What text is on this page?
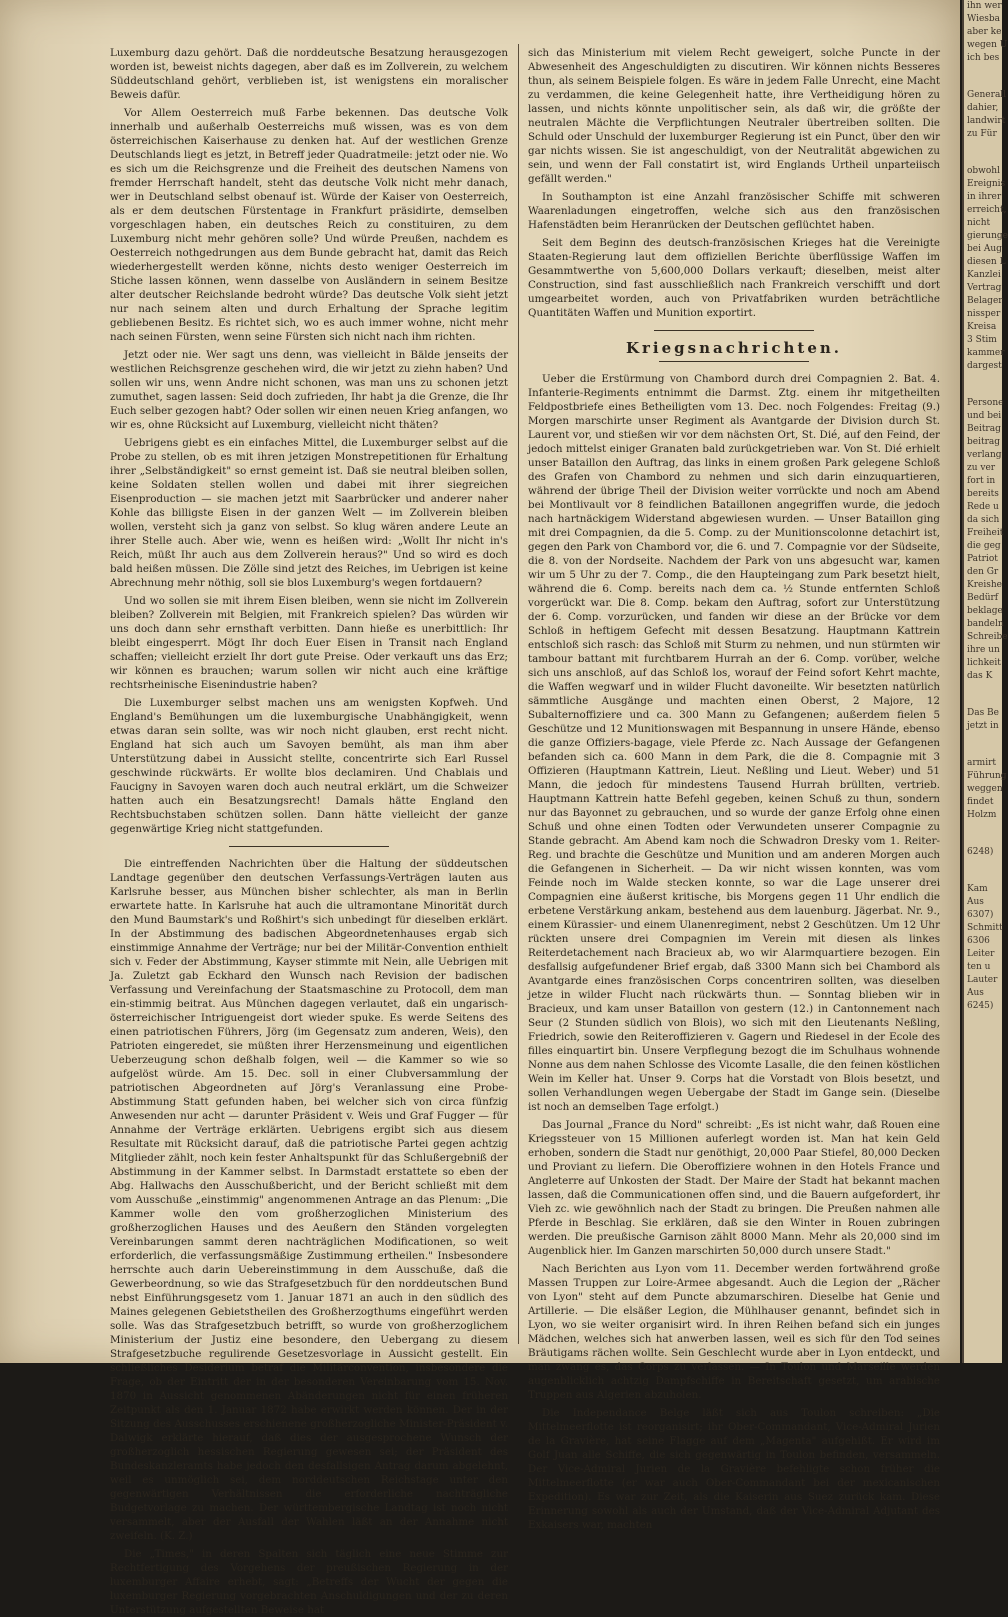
Luxemburg dazu gehört. Daß die norddeutsche Besatzung herausgezogen worden ist, beweist nichts dagegen, aber daß es im Zollverein, zu welchem Süddeutschland gehört, verblieben ist, ist wenigstens ein moralischer Beweis dafür.

Vor Allem Oesterreich muß Farbe bekennen. Das deutsche Volk innerhalb und außerhalb Oesterreichs muß wissen, was es von dem österreichischen Kaiserhause zu denken hat. Auf der westlichen Grenze Deutschlands liegt es jetzt, in Betreff jeder Quadratmeile: jetzt oder nie. Wo es sich um die Reichsgrenze und die Freiheit des deutschen Namens von fremder Herrschaft handelt, steht das deutsche Volk nicht mehr danach, wer in Deutschland selbst obenauf ist. Würde der Kaiser von Oesterreich, als er dem deutschen Fürstentage in Frankfurt präsidirte, demselben vorgeschlagen haben, ein deutsches Reich zu constituiren, zu dem Luxemburg nicht mehr gehören solle? Und würde Preußen, nachdem es Oesterreich nothgedrungen aus dem Bunde gebracht hat, damit das Reich wiederhergestellt werden könne, nichts desto weniger Oesterreich im Stiche lassen können, wenn dasselbe von Ausländern in seinem Besitze alter deutscher Reichslande bedroht würde? Das deutsche Volk sieht jetzt nur nach seinem alten und durch Erhaltung der Sprache legitim gebliebenen Besitz. Es richtet sich, wo es auch immer wohne, nicht mehr nach seinen Fürsten, wenn seine Fürsten sich nicht nach ihm richten.

Jetzt oder nie. Wer sagt uns denn, was vielleicht in Bälde jenseits der westlichen Reichsgrenze geschehen wird, die wir jetzt zu ziehn haben? Und sollen wir uns, wenn Andre nicht schonen, was man uns zu schonen jetzt zumuthet, sagen lassen: Seid doch zufrieden, Ihr habt ja die Grenze, die Ihr Euch selber gezogen habt? Oder sollen wir einen neuen Krieg anfangen, wo wir es, ohne Rücksicht auf Luxemburg, vielleicht nicht thäten?

Uebrigens giebt es ein einfaches Mittel, die Luxemburger selbst auf die Probe zu stellen, ob es mit ihren jetzigen Monstrepetitionen für Erhaltung ihrer „Selbständigkeit" so ernst gemeint ist. Daß sie neutral bleiben sollen, keine Soldaten stellen wollen und dabei mit ihrer siegreichen Eisenproduction — sie machen jetzt mit Saarbrücker und anderer naher Kohle das billigste Eisen in der ganzen Welt — im Zollverein bleiben wollen, versteht sich ja ganz von selbst. So klug wären andere Leute an ihrer Stelle auch. Aber wie, wenn es heißen wird: „Wollt Ihr nicht in's Reich, müßt Ihr auch aus dem Zollverein heraus?" Und so wird es doch bald heißen müssen. Die Zölle sind jetzt des Reiches, im Uebrigen ist keine Abrechnung mehr nöthig, soll sie blos Luxemburg's wegen fortdauern?

Und wo sollen sie mit ihrem Eisen bleiben, wenn sie nicht im Zollverein bleiben? Zollverein mit Belgien, mit Frankreich spielen? Das würden wir uns doch dann sehr ernsthaft verbitten. Dann hieße es unerbittlich: Ihr bleibt eingesperrt. Mögt Ihr doch Euer Eisen in Transit nach England schaffen; vielleicht erzielt Ihr dort gute Preise. Oder verkauft uns das Erz; wir können es brauchen; warum sollen wir nicht auch eine kräftige rechtsrheinische Eisenindustrie haben?

Die Luxemburger selbst machen uns am wenigsten Kopfweh. Und England's Bemühungen um die luxemburgische Unabhängigkeit, wenn etwas daran sein sollte, was wir noch nicht glauben, erst recht nicht. England hat sich auch um Savoyen bemüht, als man ihm aber Unterstützung dabei in Aussicht stellte, concentrirte sich Earl Russel geschwinde rückwärts. Er wollte blos declamiren. Und Chablais und Faucigny in Savoyen waren doch auch neutral erklärt, um die Schweizer hatten auch ein Besatzungsrecht! Damals hätte England den Rechtsbuchstaben schützen sollen. Dann hätte vielleicht der ganze gegenwärtige Krieg nicht stattgefunden.

Die eintreffenden Nachrichten über die Haltung der süddeutschen Landtage gegenüber den deutschen Verfassungs-Verträgen lauten aus Karlsruhe besser, aus München bisher schlechter, als man in Berlin erwartete hatte. In Karlsruhe hat auch die ultramontane Minorität durch den Mund Baumstark's und Roßhirt's sich unbedingt für dieselben erklärt. In der Abstimmung des badischen Abgeordnetenhauses ergab sich einstimmige Annahme der Verträge; nur bei der Militär-Convention enthielt sich v. Feder der Abstimmung, Kayser stimmte mit Nein, alle Uebrigen mit Ja. Zuletzt gab Eckhard den Wunsch nach Revision der badischen Verfassung und Vereinfachung der Staatsmaschine zu Protocoll, dem man ein-stimmig beitrat. Aus München dagegen verlautet, daß ein ungarisch-österreichischer Intriguengeist dort wieder spuke. Es werde Seitens des einen patriotischen Führers, Jörg (im Gegensatz zum anderen, Weis), den Patrioten eingeredet, sie müßten ihrer Herzensmeinung und eigentlichen Ueberzeugung schon deßhalb folgen, weil — die Kammer so wie so aufgelöst würde. Am 15. Dec. soll in einer Clubversammlung der patriotischen Abgeordneten auf Jörg's Veranlassung eine Probe-Abstimmung Statt gefunden haben, bei welcher sich von circa fünfzig Anwesenden nur acht — darunter Präsident v. Weis und Graf Fugger — für Annahme der Verträge erklärten. Uebrigens ergibt sich aus diesem Resultate mit Rücksicht darauf, daß die patriotische Partei gegen achtzig Mitglieder zählt, noch kein fester Anhaltspunkt für das Schlußergebniß der Abstimmung in der Kammer selbst. In Darmstadt erstattete so eben der Abg. Hallwachs den Ausschußbericht, und der Bericht schließt mit dem vom Ausschuße „einstimmig" angenommenen Antrage an das Plenum: „Die Kammer wolle den vom großherzoglichen Ministerium des großherzoglichen Hauses und des Aeußern den Ständen vorgelegten Vereinbarungen sammt deren nachträglichen Modificationen, so weit erforderlich, die verfassungsmäßige Zustimmung ertheilen." Insbesondere herrschte auch darin Uebereinstimmung in dem Ausschuße, daß die Gewerbeordnung, so wie das Strafgesetzbuch für den norddeutschen Bund nebst Einführungsgesetz vom 1. Januar 1871 an auch in den südlich des Maines gelegenen Gebietstheilen des Großherzogthums eingeführt werden solle. Was das Strafgesetzbuch betrifft, so wurde von großherzoglichem Ministerium der Justiz eine besondere, den Uebergang zu diesem Strafgesetzbuche regulirende Gesetzesvorlage in Aussicht gestellt. Ein schließliches Desiderium betraf die Militärconvention, insbesondere die Frage, ob der Eintritt der in der besonderen Vereinbarung vom 15. Nov. 1870 in Aussicht genommenen Abänderungen nicht für einen früheren Zeitpunkt als den 1. Januar 1872 habe erwirkt werden können. Der in der Sitzung des Ausschusses erschienene großherzogliche Minister-Präsident v. Dalwigk erklärte hierauf, daß dies der ausgesprochene Wunsch der großherzoglich hessischen Regierung gewesen sei; der Präsident des Bundeskanzleramts habe jedoch den desfallsigen Antrag darum abgelehnt, weil es unmöglich sei, dem norddeutschen Reichstage unter den gegenwärtigen Verhältnissen die erforderliche nachträgliche Budgetvorlage zu machen. Der württembergische Landtag ist noch nicht versammelt, aber der Ausfall der Wahlen läßt an der Annahme nicht zweifeln. (K. Z.)

Die „Times," in deren Spalten sich täglich eine neue Stimme zur Rechtfertigung des Vorgehens der preußischen Regierung in der luxemburger Affaire erhebt, sagt: „Betreffs der Wucht der gegen die luxemburger Regierung vorgebrachten Anschuldigungen und der zu deren Unterstützung aufgestellten Beweise hat

sich das Ministerium mit vielem Recht geweigert, solche Puncte in der Abwesenheit des Angeschuldigten zu discutiren. Wir können nichts Besseres thun, als seinem Beispiele folgen. Es wäre in jedem Falle Unrecht, eine Macht zu verdammen, die keine Gelegenheit hatte, ihre Vertheidigung hören zu lassen, und nichts könnte unpolitischer sein, als daß wir, die größte der neutralen Mächte die Verpflichtungen Neutraler übertreiben sollten. Die Schuld oder Unschuld der luxemburger Regierung ist ein Punct, über den wir gar nichts wissen. Sie ist angeschuldigt, von der Neutralität abgewichen zu sein, und wenn der Fall constatirt ist, wird Englands Urtheil unparteiisch gefällt werden."

In Southampton ist eine Anzahl französischer Schiffe mit schweren Waarenladungen eingetroffen, welche sich aus den französischen Hafenstädten beim Heranrücken der Deutschen geflüchtet haben.

Seit dem Beginn des deutsch-französischen Krieges hat die Vereinigte Staaten-Regierung laut dem offiziellen Berichte überflüssige Waffen im Gesammtwerthe von 5,600,000 Dollars verkauft; dieselben, meist alter Construction, sind fast ausschließlich nach Frankreich verschifft und dort umgearbeitet worden, auch von Privatfabriken wurden beträchtliche Quantitäten Waffen und Munition exportirt.

Kriegsnachrichten.

Ueber die Erstürmung von Chambord durch drei Compagnien 2. Bat. 4. Infanterie-Regiments entnimmt die Darmst. Ztg. einem ihr mitgetheilten Feldpostbriefe eines Betheiligten vom 13. Dec. noch Folgendes: Freitag (9.) Morgen marschirte unser Regiment als Avantgarde der Division durch St. Laurent vor, und stießen wir vor dem nächsten Ort, St. Dié, auf den Feind, der jedoch mittelst einiger Granaten bald zurückgetrieben war. Von St. Dié erhielt unser Bataillon den Auftrag, das links in einem großen Park gelegene Schloß des Grafen von Chambord zu nehmen und sich darin einzuquartieren, während der übrige Theil der Division weiter vorrückte und noch am Abend bei Montlivault vor 8 feindlichen Bataillonen angegriffen wurde, die jedoch nach hartnäckigem Widerstand abgewiesen wurden. — Unser Bataillon ging mit drei Compagnien, da die 5. Comp. zu der Munitionscolonne detachirt ist, gegen den Park von Chambord vor, die 6. und 7. Compagnie vor der Südseite, die 8. von der Nordseite. Nachdem der Park von uns abgesucht war, kamen wir um 5 Uhr zu der 7. Comp., die den Haupteingang zum Park besetzt hielt, während die 6. Comp. bereits nach dem ca. ½ Stunde entfernten Schloß vorgerückt war. Die 8. Comp. bekam den Auftrag, sofort zur Unterstützung der 6. Comp. vorzurücken, und fanden wir diese an der Brücke vor dem Schloß in heftigem Gefecht mit dessen Besatzung. Hauptmann Kattrein entschloß sich rasch: das Schloß mit Sturm zu nehmen, und nun stürmten wir tambour battant mit furchtbarem Hurrah an der 6. Comp. vorüber, welche sich uns anschloß, auf das Schloß los, worauf der Feind sofort Kehrt machte, die Waffen wegwarf und in wilder Flucht davoneilte. Wir besetzten natürlich sämmtliche Ausgänge und machten einen Oberst, 2 Majore, 12 Subalternoffiziere und ca. 300 Mann zu Gefangenen; außerdem fielen 5 Geschütze und 12 Munitionswagen mit Bespannung in unsere Hände, ebenso die ganze Offiziers-bagage, viele Pferde zc. Nach Aussage der Gefangenen befanden sich ca. 600 Mann in dem Park, die die 8. Compagnie mit 3 Offizieren (Hauptmann Kattrein, Lieut. Neßling und Lieut. Weber) und 51 Mann, die jedoch für mindestens Tausend Hurrah brüllten, vertrieb. Hauptmann Kattrein hatte Befehl gegeben, keinen Schuß zu thun, sondern nur das Bayonnet zu gebrauchen, und so wurde der ganze Erfolg ohne einen Schuß und ohne einen Todten oder Verwundeten unserer Compagnie zu Stande gebracht. Am Abend kam noch die Schwadron Dresky vom 1. Reiter-Reg. und brachte die Geschütze und Munition und am anderen Morgen auch die Gefangenen in Sicherheit. — Da wir nicht wissen konnten, was vom Feinde noch im Walde stecken konnte, so war die Lage unserer drei Compagnien eine äußerst kritische, bis Morgens gegen 11 Uhr endlich die erbetene Verstärkung ankam, bestehend aus dem lauenburg. Jägerbat. Nr. 9., einem Kürassier- und einem Ulanenregiment, nebst 2 Geschützen. Um 12 Uhr rückten unsere drei Compagnien im Verein mit diesen als linkes Reiterdetachement nach Bracieux ab, wo wir Alarmquartiere bezogen. Ein desfallsig aufgefundener Brief ergab, daß 3300 Mann sich bei Chambord als Avantgarde eines französischen Corps concentriren sollten, was dieselben jetze in wilder Flucht nach rückwärts thun. — Sonntag blieben wir in Bracieux, und kam unser Bataillon von gestern (12.) in Cantonnement nach Seur (2 Stunden südlich von Blois), wo sich mit den Lieutenants Neßling, Friedrich, sowie den Reiteroffizieren v. Gagern und Riedesel in der Ecole des filles einquartirt bin. Unsere Verpflegung bezogt die im Schulhaus wohnende Nonne aus dem nahen Schlosse des Vicomte Lasalle, die den feinen köstlichen Wein im Keller hat. Unser 9. Corps hat die Vorstadt von Blois besetzt, und sollen Verhandlungen wegen Uebergabe der Stadt im Gange sein. (Dieselbe ist noch an demselben Tage erfolgt.)

Das Journal „France du Nord" schreibt: „Es ist nicht wahr, daß Rouen eine Kriegssteuer von 15 Millionen auferlegt worden ist. Man hat kein Geld erhoben, sondern die Stadt nur genöthigt, 20,000 Paar Stiefel, 80,000 Decken und Proviant zu liefern. Die Oberoffiziere wohnen in den Hotels France und Angleterre auf Unkosten der Stadt. Der Maire der Stadt hat bekannt machen lassen, daß die Communicationen offen sind, und die Bauern aufgefordert, ihr Vieh zc. wie gewöhnlich nach der Stadt zu bringen. Die Preußen nahmen alle Pferde in Beschlag. Sie erklären, daß sie den Winter in Rouen zubringen werden. Die preußische Garnison zählt 8000 Mann. Mehr als 20,000 sind im Augenblick hier. Im Ganzen marschirten 50,000 durch unsere Stadt."

Nach Berichten aus Lyon vom 11. December werden fortwährend große Massen Truppen zur Loire-Armee abgesandt. Auch die Legion der „Rächer von Lyon" steht auf dem Puncte abzumarschiren. Dieselbe hat Genie und Artillerie. — Die elsäßer Legion, die Mühlhauser genannt, befindet sich in Lyon, wo sie weiter organisirt wird. In ihren Reihen befand sich ein junges Mädchen, welches sich hat anwerben lassen, weil es sich für den Tod seines Bräutigams rächen wollte. Sein Geschlecht wurde aber in Lyon entdeckt, und man zwang es, das Corps zu verlassen. — In Toulon und Marseille werden augenblicklich achtzig Dampfschiffe in Bereitschaft gesetzt, um arabische Truppen aus Algerien abzuholen.

Die Independance Belge läßt sich aus Toulon schreiben: „Die Mittelmeerflotte ist reorganisirt; ihr Ober-Commandant, Vice-Admiral Jurien de la Gravière, hat seine Flagge auf dem „Magenta" aufgehißt. Er wird im Golf Juan alle Schiffe, die sich gegenwärtig in Toulon befinden, versammeln. Der Vice-Admiral Jurien de la Gravière befehligte schon früher die Mittelmeerflotte (er war auch Ober-Commandant bei der mexicanischen Expedition). Es war zur Zeit, als die Kaiserin aus Suez zurück kam. Diese Erinnerung sowohl als auch der Umstand, daß der Vice-Admiral Adjutant des Exkaisers war, machten

ihn wer
Wiesba
aber ke
wegen U
ich bes
Generall
dahier,
landwirt
zu Für
obwohl
Ereignis
in ihrer
erreicht,
nicht
gierunge
bei Aug
diesen L
Kanzlei
Vertrag
Belager
nissper
Kreisa
3 Stim
kammer
dargest
Persone
und bei
Beitrag
beitrag
verlang
zu ver
fort in
bereits
Rede u
da sich
Freiheit
die geg
Patriot
den Gr
Kreishe
Bedürf
beklage
bandeln
Schreibe
ihre un
lichkeit
das K
Das Be
jetzt in
armirt
Führung
weggen
findet
Holzm
6248)
Kam
Aus
6307)
Schmitt
6306
Leiter
ten u
Lauter
Aus
6245)
